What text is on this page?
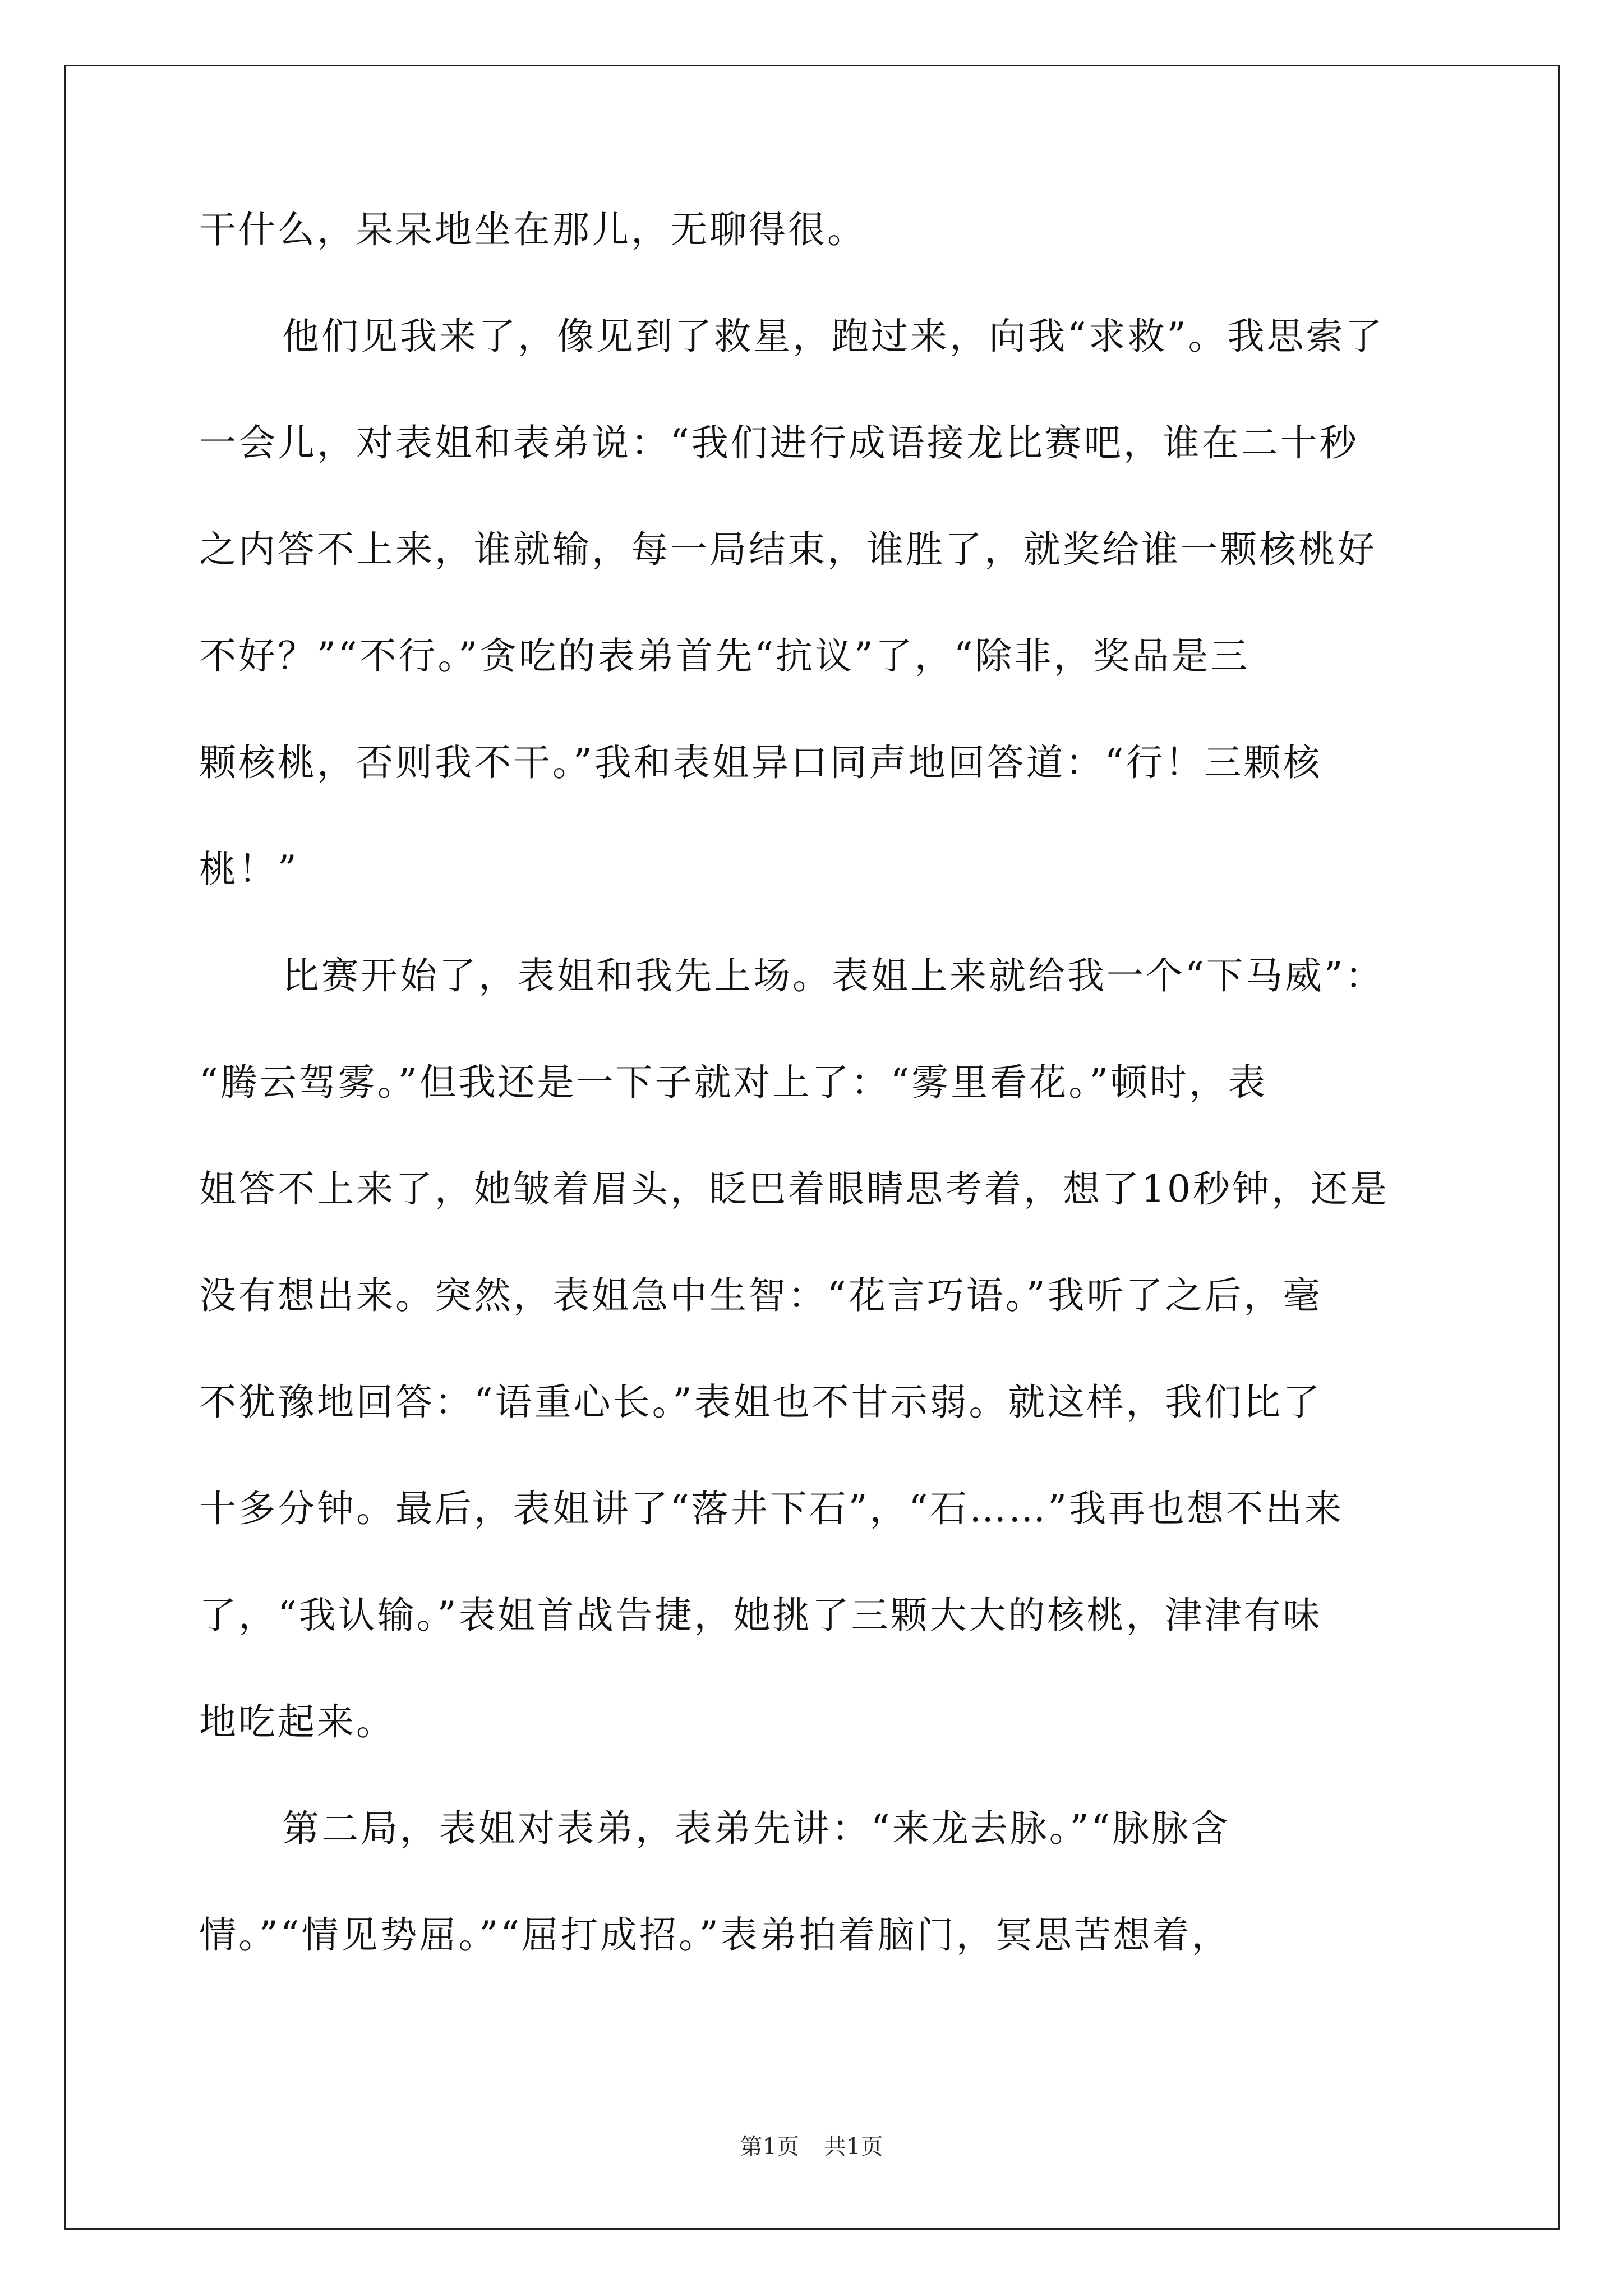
干什么，呆呆地坐在那儿，无聊得很。
他们见我来了，像见到了救星，跑过来，向我“求救”。我思索了
一会儿，对表姐和表弟说：“我们进行成语接龙比赛吧，谁在二十秒
之内答不上来，谁就输，每一局结束，谁胜了，就奖给谁一颗核桃好
不好？”“不行。”贪吃的表弟首先“抗议”了，“除非，奖品是三
颗核桃，否则我不干。”我和表姐异口同声地回答道：“行！三颗核
桃！”
比赛开始了，表姐和我先上场。表姐上来就给我一个“下马威”：
“腾云驾雾。”但我还是一下子就对上了：“雾里看花。”顿时，表
姐答不上来了，她皱着眉头，眨巴着眼睛思考着，想了10秒钟，还是
没有想出来。突然，表姐急中生智：“花言巧语。”我听了之后，毫
不犹豫地回答：“语重心长。”表姐也不甘示弱。就这样，我们比了
十多分钟。最后，表姐讲了“落井下石”，“石……”我再也想不出来
了，“我认输。”表姐首战告捷，她挑了三颗大大的核桃，津津有味
地吃起来。
第二局，表姐对表弟，表弟先讲：“来龙去脉。”“脉脉含
情。”“情见势屈。”“屈打成招。”表弟拍着脑门，冥思苦想着，
第1页 共1页
